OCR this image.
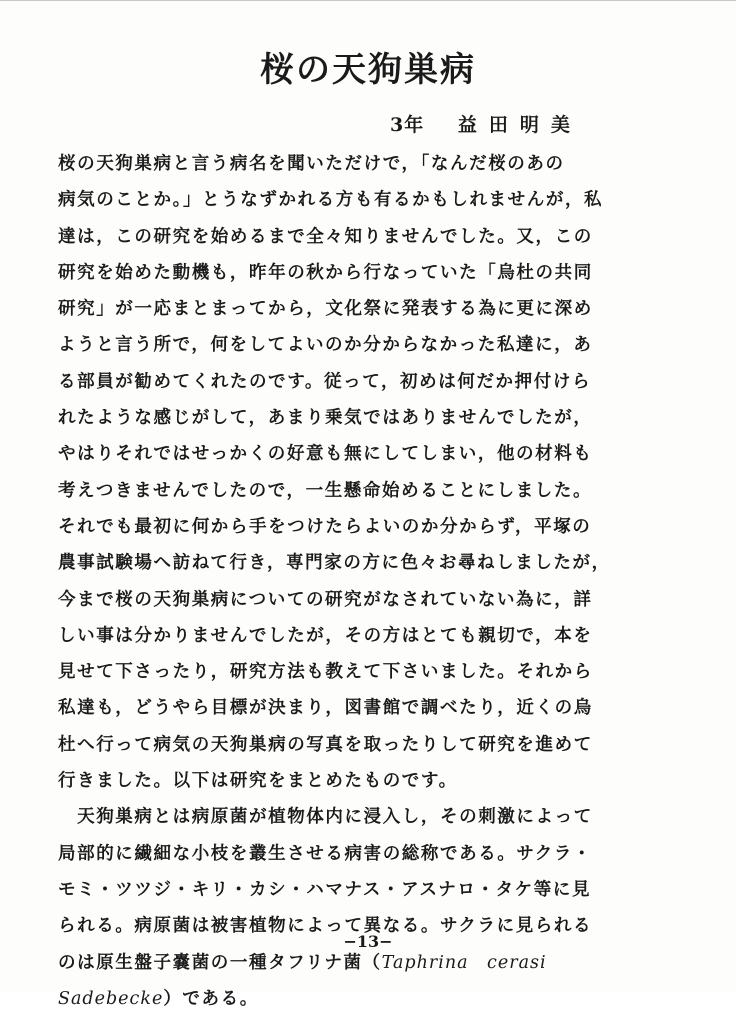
桜の天狗巣病
3年 益田明美
桜の天狗巣病と言う病名を聞いただけで，「なんだ桜のあの
病気のことか。」とうなずかれる方も有るかもしれませんが，私
達は，この研究を始めるまで全々知りませんでした。又，この
研究を始めた動機も，昨年の秋から行なっていた「烏杜の共同
研究」が一応まとまってから，文化祭に発表する為に更に深め
ようと言う所で，何をしてよいのか分からなかった私達に，あ
る部員が勧めてくれたのです。従って，初めは何だか押付けら
れたような感じがして，あまり乗気ではありませんでしたが，
やはりそれではせっかくの好意も無にしてしまい，他の材料も
考えつきませんでしたので，一生懸命始めることにしました。
それでも最初に何から手をつけたらよいのか分からず，平塚の
農事試験場へ訪ねて行き，専門家の方に色々お尋ねしましたが，
今まで桜の天狗巣病についての研究がなされていない為に，詳
しい事は分かりませんでしたが，その方はとても親切で，本を
見せて下さったり，研究方法も教えて下さいました。それから
私達も，どうやら目標が決まり，図書館で調べたり，近くの烏
杜へ行って病気の天狗巣病の写真を取ったりして研究を進めて
行きました。以下は研究をまとめたものです。
　天狗巣病とは病原菌が植物体内に浸入し，その刺激によって
局部的に繊細な小枝を叢生させる病害の総称である。サクラ・
モミ・ツツジ・キリ・カシ・ハマナス・アスナロ・タケ等に見
られる。病原菌は被害植物によって異なる。サクラに見られる
のは原生盤子嚢菌の一種タフリナ菌（Taphrina　cerasi
Sadebecke）である。
−13−
